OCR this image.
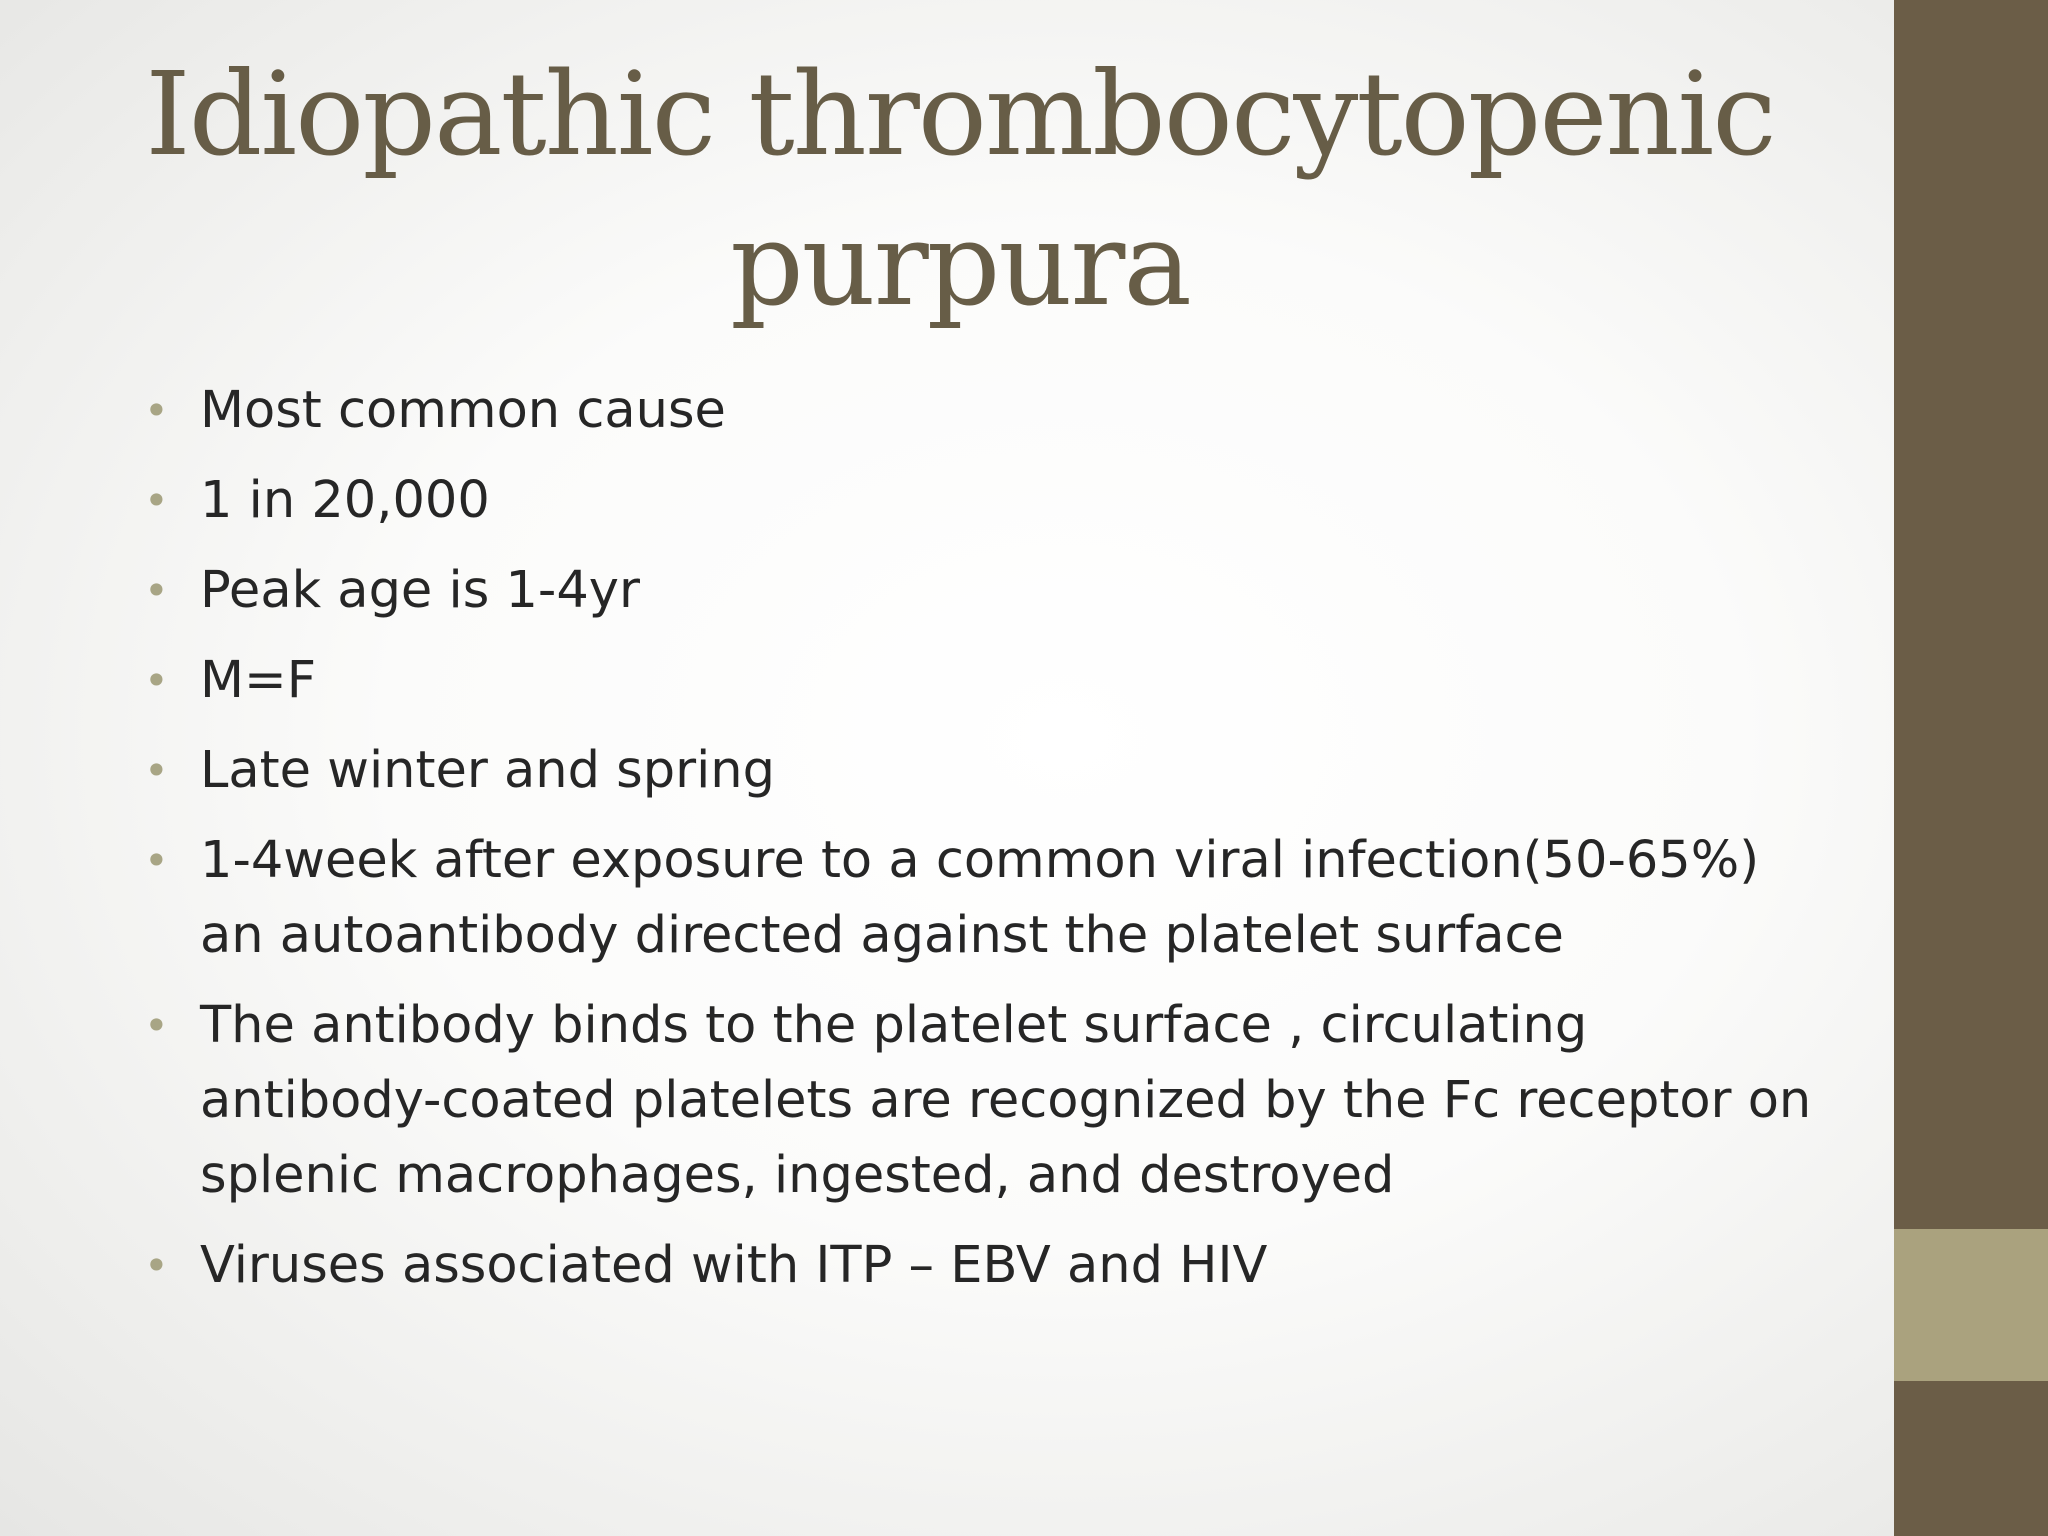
Idiopathic thrombocytopenic purpura
• Most common cause
• 1 in 20,000
• Peak age is 1-4yr
• M=F
• Late winter and spring
• 1-4week after exposure to a common viral infection(50-65%) an autoantibody directed against the platelet surface
• The antibody binds to the platelet surface , circulating antibody-coated platelets are recognized by the Fc receptor on splenic macrophages, ingested, and destroyed
• Viruses associated with ITP – EBV and HIV
